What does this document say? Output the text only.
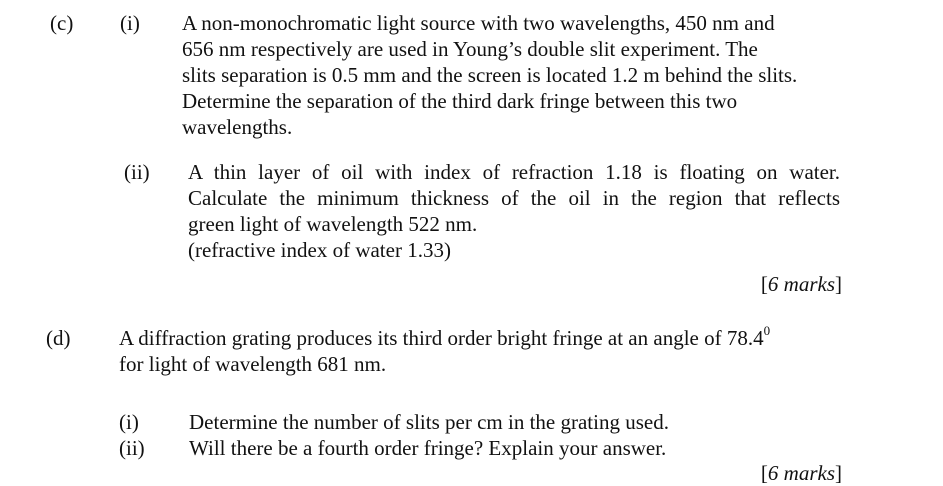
(c) (i) A non-monochromatic light source with two wavelengths, 450 nm and
656 nm respectively are used in Young’s double slit experiment. The
slits separation is 0.5 mm and the screen is located 1.2 m behind the slits.
Determine the separation of the third dark fringe between this two
wavelengths.
(ii) A thin layer of oil with index of refraction 1.18 is floating on water.
Calculate the minimum thickness of the oil in the region that reflects
green light of wavelength 522 nm.
(refractive index of water 1.33)
[6 marks]
(d) A diffraction grating produces its third order bright fringe at an angle of 78.4$^0$
for light of wavelength 681 nm.
(i) Determine the number of slits per cm in the grating used.
(ii) Will there be a fourth order fringe? Explain your answer.
[6 marks]
